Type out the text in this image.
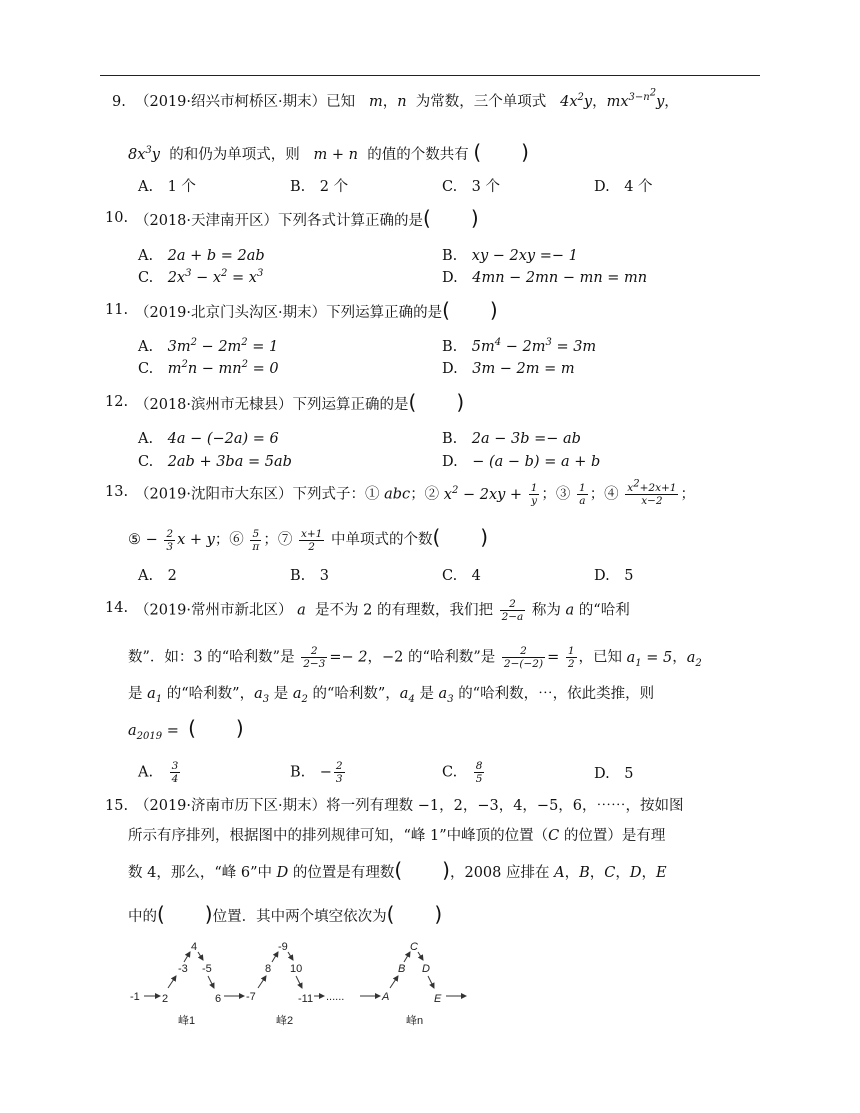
9. （2019·绍兴市柯桥区·期末）已知   m，n 为常数，三个单项式   $4x^2y$，$mx^{3-n^2}y$，
$8x^3y$ 的和仍为单项式，则   m + n  的值的个数共有 (　　)
A.　1 个	B.　2 个	C.　3 个	D.　4 个
10. （2018·天津南开区）下列各式计算正确的是(　　)
A.　 2a + b = 2ab	B.　 xy − 2xy =− 1
C.　 $2x^3 - x^2 = x^3$	D.　 4mn − 2mn − mn = mn
11. （2019·北京门头沟区·期末）下列运算正确的是(　　)
A.　$3m^2 - 2m^2 = 1$	B.　$5m^4 - 2m^3 = 3m$
C.　$m^2n - mn^2 = 0$	D.　3m − 2m = m
12. （2018·滨州市无棣县）下列运算正确的是(　　)
A.　4a − (−2a) = 6	B.　2a − 3b =− ab
C.　2ab + 3ba = 5ab	D.　− (a − b) = a + b
13. （2019·沈阳市大东区）下列式子：① abc；② $x^2 - 2xy + \frac{1}{y}$ ；③ $\frac{1}{a}$ ；④ $\frac{x^2+2x+1}{x-2}$ ；
⑤ − $\frac{2}{3}$ x + y；⑥ $\frac{5}{\pi}$ ；⑦ $\frac{x+1}{2}$ 中单项式的个数(　　)
A.　2	B.　3	C.　4	D.　5
14. （2019·常州市新北区） a 是不为 2 的有理数，我们把 $\frac{2}{2-a}$ 称为 a 的“哈利
数”．如：3 的“哈利数”是 $\frac{2}{2-3} =- 2$，−2 的“哈利数”是 $\frac{2}{2-(-2)} = \frac{1}{2}$ ，已知 $a_1 = 5$，$a_2$
是 $a_1$ 的“哈利数”，$a_3$ 是 $a_2$ 的“哈利数”，$a_4$ 是 $a_3$ 的“哈利数，⋯，依此类推，则
$a_{2019}$ = (　　)
A.　 $\frac{3}{4}$	B.　 − $\frac{2}{3}$	C.　 $\frac{8}{5}$	D.　5
15. （2019·济南市历下区·期末）将一列有理数 −1，2，−3，4，−5，6，⋯⋯，按如图
所示有序排列，根据图中的排列规律可知，“峰 1”中峰顶的位置（C 的位置）是有理
数 4，那么，“峰 6”中 D 的位置是有理数(　　)，2008 应排在 A，B，C，D，E
中的(　　)位置．其中两个填空依次为(　　)
-1 2
-3
4
-5
6
峰1
-7
8
-9
10
-11 ......
峰2
A
B
C
D
E
峰n
